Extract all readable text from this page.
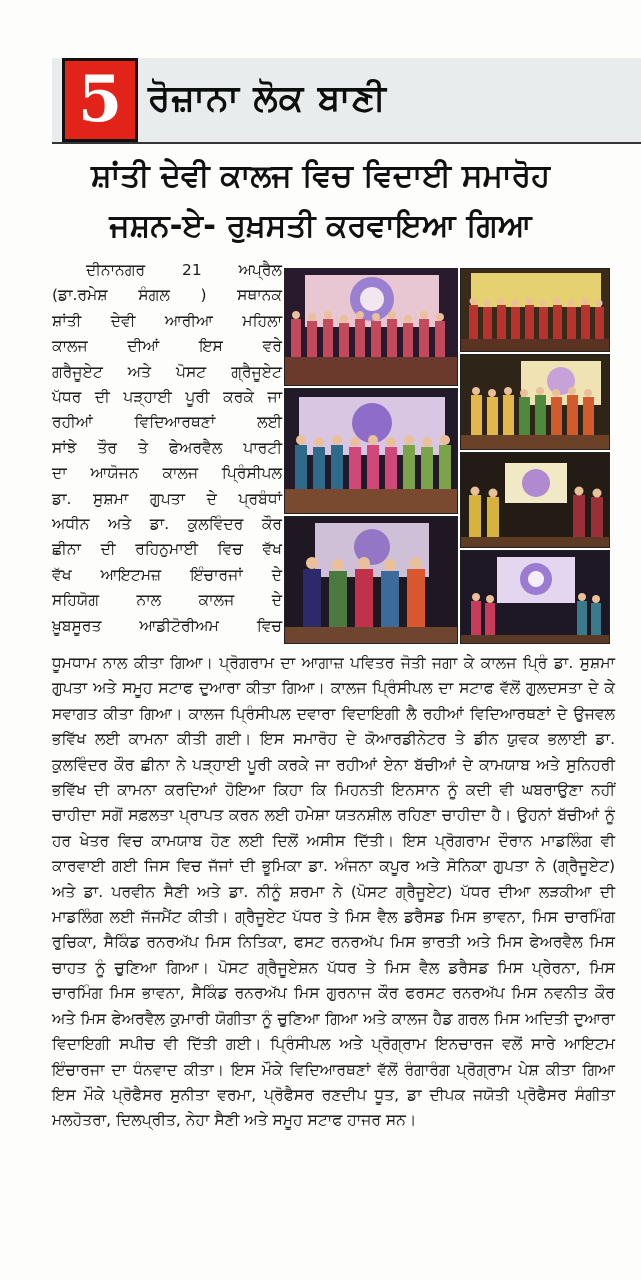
5 ਰੋਜ਼ਾਨਾ ਲੋਕ ਬਾਣੀ
ਸ਼ਾਂਤੀ ਦੇਵੀ ਕਾਲਜ ਵਿਚ ਵਿਦਾਈ ਸਮਾਰੋਹ
ਜਸ਼ਨ-ਏ- ਰੁਖ਼ਸਤੀ ਕਰਵਾਇਆ ਗਿਆ

ਦੀਨਾਨਗਰ 21 ਅਪ੍ਰੈਲ

(ਡਾ.ਰਮੇਸ਼ ਸੰਗਲ ) ਸਥਾਨਕ

ਸ਼ਾਂਤੀ ਦੇਵੀ ਆਰੀਆ ਮਹਿਲਾ

ਕਾਲਜ ਦੀਆਂ ਇਸ ਵਰੇ

ਗਰੈਜੂਏਟ ਅਤੇ ਪੋਸਟ ਗ੍ਰੈਜੂਏਟ

ਪੱਧਰ ਦੀ ਪੜ੍ਹਾਈ ਪੂਰੀ ਕਰਕੇ ਜਾ

ਰਹੀਆਂ ਵਿਦਿਆਰਥਣਾਂ ਲਈ

ਸਾਂਝੇ ਤੌਰ ਤੇ ਫੇਅਰਵੈਲ ਪਾਰਟੀ

ਦਾ ਆਯੋਜਨ ਕਾਲਜ ਪ੍ਰਿੰਸੀਪਲ

ਡਾ. ਸੁਸ਼ਮਾ ਗੁਪਤਾ ਦੇ ਪ੍ਰਬੰਧਾਂ

ਅਧੀਨ ਅਤੇ ਡਾ. ਕੁਲਵਿੰਦਰ ਕੌਰ

ਛੀਨਾ ਦੀ ਰਹਿਨੁਮਾਈ ਵਿਚ ਵੱਖ

ਵੱਖ ਆਇਟਮਜ਼ ਇੰਚਾਰਜਾਂ ਦੇ

ਸਹਿਯੋਗ ਨਾਲ ਕਾਲਜ ਦੇ

ਖ਼ੂਬਸੂਰਤ ਆਡੀਟੋਰੀਅਮ ਵਿਚ

ਧੂਮਧਾਮ ਨਾਲ ਕੀਤਾ ਗਿਆ। ਪ੍ਰੋਗਰਾਮ ਦਾ ਆਗਾਜ਼ ਪਵਿਤਰ ਜੋਤੀ ਜਗਾ ਕੇ ਕਾਲਜ ਪ੍ਰਿੰ ਡਾ. ਸੁਸ਼ਮਾ ਗੁਪਤਾ ਅਤੇ ਸਮੂਹ ਸਟਾਫ ਦੁਆਰਾ ਕੀਤਾ ਗਿਆ। ਕਾਲਜ ਪ੍ਰਿੰਸੀਪਲ ਦਾ ਸਟਾਫ ਵੱਲੋਂ ਗੁਲਦਸਤਾ ਦੇ ਕੇ ਸਵਾਗਤ ਕੀਤਾ ਗਿਆ। ਕਾਲਜ ਪ੍ਰਿੰਸੀਪਲ ਦਵਾਰਾ ਵਿਦਾਇਗੀ ਲੈ ਰਹੀਆਂ ਵਿਦਿਆਰਥਣਾਂ ਦੇ ਉਜਵਲ ਭਵਿੱਖ ਲਈ ਕਾਮਨਾ ਕੀਤੀ ਗਈ। ਇਸ ਸਮਾਰੋਹ ਦੇ ਕੋਆਰਡੀਨੇਟਰ ਤੇ ਡੀਨ ਯੁਵਕ ਭਲਾਈ ਡਾ. ਕੁਲਵਿੰਦਰ ਕੌਰ ਛੀਨਾ ਨੇ ਪੜ੍ਹਾਈ ਪੂਰੀ ਕਰਕੇ ਜਾ ਰਹੀਆਂ ਏਨਾ ਬੱਚੀਆਂ ਦੇ ਕਾਮਯਾਬ ਅਤੇ ਸੁਨਿਹਰੀ ਭਵਿੱਖ ਦੀ ਕਾਮਨਾ ਕਰਦਿਆਂ ਹੋਇਆ ਕਿਹਾ ਕਿ ਮਿਹਨਤੀ ਇਨਸਾਨ ਨੂੰ ਕਦੀ ਵੀ ਘਬਰਾਉਣਾ ਨਹੀਂ ਚਾਹੀਦਾ ਸਗੋਂ ਸਫ਼ਲਤਾ ਪ੍ਰਾਪਤ ਕਰਨ ਲਈ ਹਮੇਸ਼ਾ ਯਤਨਸ਼ੀਲ ਰਹਿਣਾ ਚਾਹੀਦਾ ਹੈ। ਉਹਨਾਂ ਬੱਚੀਆਂ ਨੂੰ ਹਰ ਖੇਤਰ ਵਿਚ ਕਾਮਯਾਬ ਹੋਣ ਲਈ ਦਿਲੋਂ ਅਸੀਸ ਦਿੱਤੀ। ਇਸ ਪ੍ਰੋਗਰਾਮ ਦੌਰਾਨ ਮਾਡਲਿੰਗ ਵੀ ਕਾਰਵਾਈ ਗਈ ਜਿਸ ਵਿਚ ਜੱਜਾਂ ਦੀ ਭੂਮਿਕਾ ਡਾ. ਅੰਜਨਾ ਕਪੂਰ ਅਤੇ ਸੋਨਿਕਾ ਗੁਪਤਾ ਨੇ (ਗ੍ਰੈਜੂਏਟ) ਅਤੇ ਡਾ. ਪਰਵੀਨ ਸੈਣੀ ਅਤੇ ਡਾ. ਨੀਨੂੰ ਸ਼ਰਮਾ ਨੇ (ਪੋਸਟ ਗ੍ਰੈਜੂਏਟ) ਪੱਧਰ ਦੀਆ ਲੜਕੀਆ ਦੀ ਮਾਡਲਿੰਗ ਲਈ ਜੱਜਮੈਂਟ ਕੀਤੀ। ਗ੍ਰੈਜੂਏਟ ਪੱਧਰ ਤੇ ਮਿਸ ਵੈਲ ਡਰੈਸਡ ਮਿਸ ਭਾਵਨਾ, ਮਿਸ ਚਾਰਮਿੰਗ ਰੁਚਿਕਾ, ਸੈਕਿੰਡ ਰਨਰਅੱਪ ਮਿਸ ਨਿਤਿਕਾ, ਫਸਟ ਰਨਰਅੱਪ ਮਿਸ ਭਾਰਤੀ ਅਤੇ ਮਿਸ ਫੇਅਰਵੈਲ ਮਿਸ ਚਾਹਤ ਨੂੰ ਚੁਣਿਆ ਗਿਆ। ਪੋਸਟ ਗ੍ਰੈਜੂਏਸ਼ਨ ਪੱਧਰ ਤੇ ਮਿਸ ਵੈਲ ਡਰੈਸਡ ਮਿਸ ਪ੍ਰੇਰਨਾ, ਮਿਸ ਚਾਰਮਿੰਗ ਮਿਸ ਭਾਵਨਾ, ਸੈਕਿੰਡ ਰਨਰਅੱਪ ਮਿਸ ਗੁਰਨਾਜ ਕੌਰ ਫਰਸਟ ਰਨਰਅੱਪ ਮਿਸ ਨਵਨੀਤ ਕੌਰ ਅਤੇ ਮਿਸ ਫੇਅਰਵੈਲ ਕੁਮਾਰੀ ਯੋਗੀਤਾ ਨੂੰ ਚੁਣਿਆ ਗਿਆ ਅਤੇ ਕਾਲਜ ਹੈਡ ਗਰਲ ਮਿਸ ਅਦਿਤੀ ਦੁਆਰਾ ਵਿਦਾਇਗੀ ਸਪੀਚ ਵੀ ਦਿੱਤੀ ਗਈ। ਪ੍ਰਿੰਸੀਪਲ ਅਤੇ ਪ੍ਰੋਗ੍ਰਾਮ ਇਨਚਾਰਜ ਵਲੋਂ ਸਾਰੇ ਆਇਟਮ ਇੰਚਾਰਜਾ ਦਾ ਧੰਨਵਾਦ ਕੀਤਾ। ਇਸ ਮੌਕੇ ਵਿਦਿਆਰਥਣਾਂ ਵੱਲੋਂ ਰੰਗਾਰੰਗ ਪ੍ਰੋਗ੍ਰਾਮ ਪੇਸ਼ ਕੀਤਾ ਗਿਆ ਇਸ ਮੌਕੇ ਪ੍ਰੋਫੈਸਰ ਸੁਨੀਤਾ ਵਰਮਾ, ਪ੍ਰੋਫੈਸਰ ਰਣਦੀਪ ਧੂਤ, ਡਾ ਦੀਪਕ ਜਯੋਤੀ ਪ੍ਰੋਫੈਸਰ ਸੰਗੀਤਾ ਮਲਹੋਤਰਾ, ਦਿਲਪ੍ਰੀਤ, ਨੇਹਾ ਸੈਣੀ ਅਤੇ ਸਮੂਹ ਸਟਾਫ ਹਾਜਰ ਸਨ।
